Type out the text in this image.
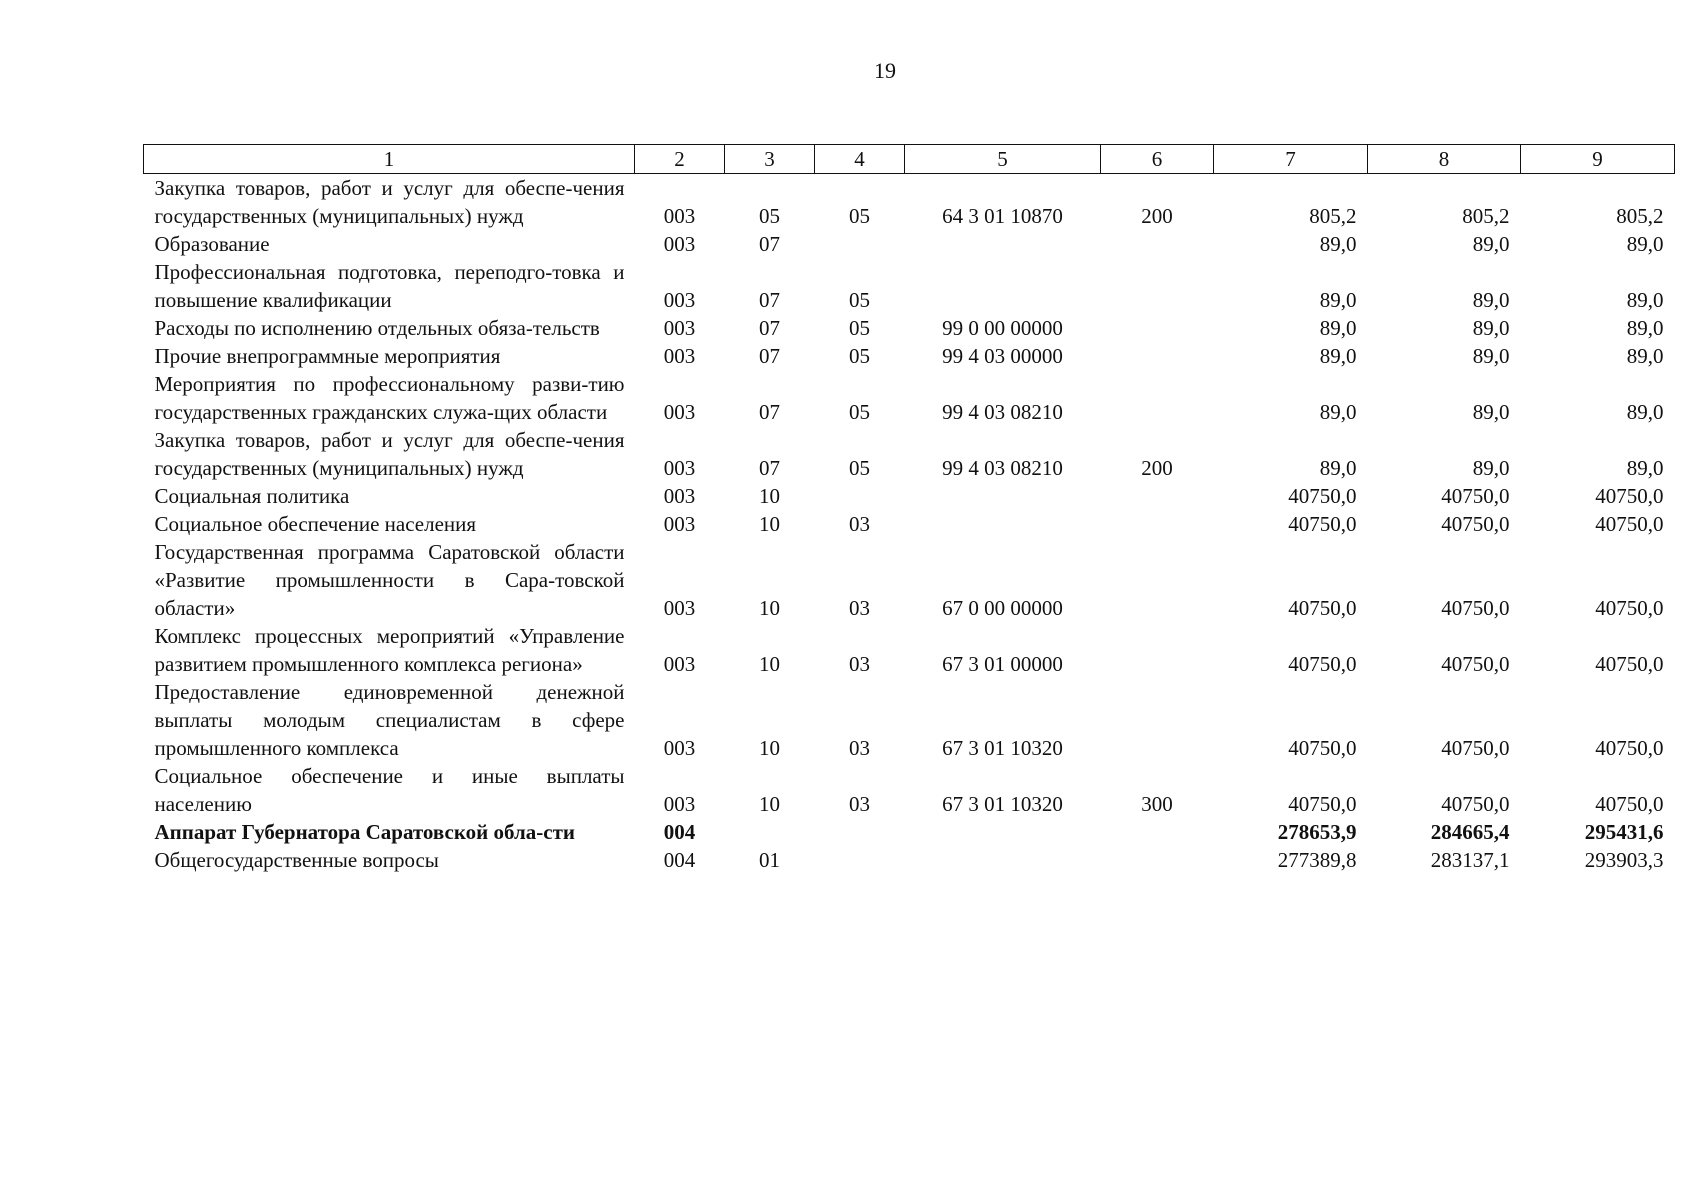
19
1	2	3	4	5	6	7	8	9
Закупка товаров, работ и услуг для обеспе-чения государственных (муниципальных) нужд	003	05	05	64 3 01 10870	200	805,2	805,2	805,2
Образование	003	07				89,0	89,0	89,0
Профессиональная подготовка, переподго-товка и повышение квалификации	003	07	05			89,0	89,0	89,0
Расходы по исполнению отдельных обяза-тельств	003	07	05	99 0 00 00000		89,0	89,0	89,0
Прочие внепрограммные мероприятия	003	07	05	99 4 03 00000		89,0	89,0	89,0
Мероприятия по профессиональному разви-тию государственных гражданских служа-щих области	003	07	05	99 4 03 08210		89,0	89,0	89,0
Закупка товаров, работ и услуг для обеспе-чения государственных (муниципальных) нужд	003	07	05	99 4 03 08210	200	89,0	89,0	89,0
Социальная политика	003	10				40750,0	40750,0	40750,0
Социальное обеспечение населения	003	10	03			40750,0	40750,0	40750,0
Государственная программа Саратовской области «Развитие промышленности в Сара-товской области»	003	10	03	67 0 00 00000		40750,0	40750,0	40750,0
Комплекс процессных мероприятий «Управление развитием промышленного комплекса региона»	003	10	03	67 3 01 00000		40750,0	40750,0	40750,0
Предоставление единовременной денежной выплаты молодым специалистам в сфере промышленного комплекса	003	10	03	67 3 01 10320		40750,0	40750,0	40750,0
Социальное обеспечение и иные выплаты населению	003	10	03	67 3 01 10320	300	40750,0	40750,0	40750,0
Аппарат Губернатора Саратовской обла-сти	004					278653,9	284665,4	295431,6
Общегосударственные вопросы	004	01				277389,8	283137,1	293903,3
